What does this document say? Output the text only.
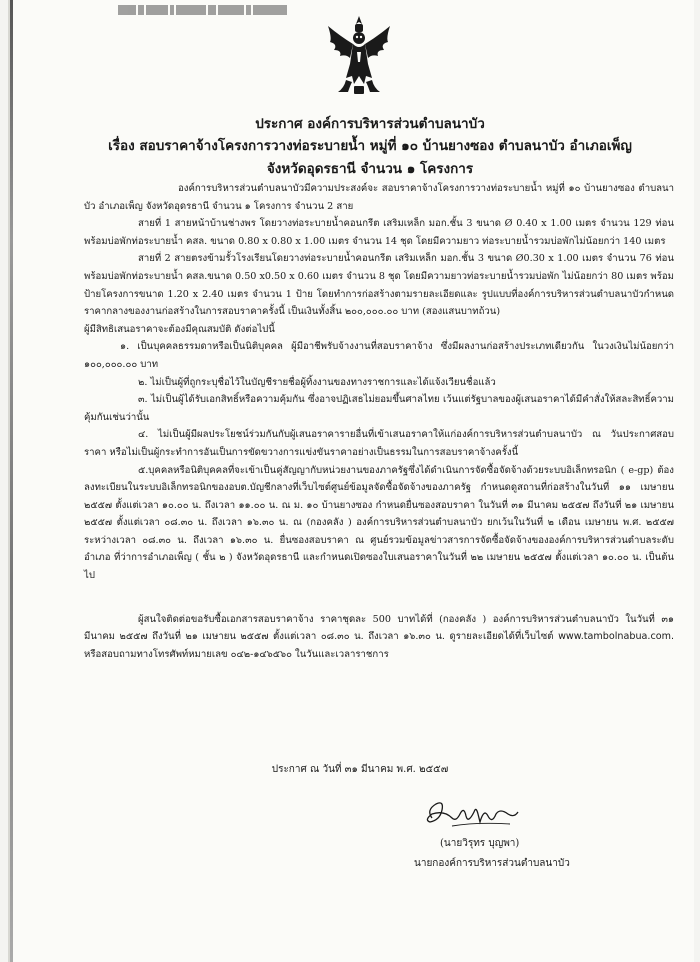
ประกาศ องค์การบริหารส่วนตำบลนาบัว

เรื่อง สอบราคาจ้างโครงการวางท่อระบายน้ำ หมู่ที่ ๑๐ บ้านยางซอง ตำบลนาบัว อำเภอเพ็ญ

จังหวัดอุดรธานี จำนวน ๑ โครงการ

องค์การบริหารส่วนตำบลนาบัวมีความประสงค์จะ สอบราคาจ้างโครงการวางท่อระบายน้ำ หมู่ที่ ๑๐ บ้านยางซอง ตำบลนาบัว อำเภอเพ็ญ จังหวัดอุดรธานี จำนวน ๑ โครงการ จำนวน 2 สาย

สายที่ 1 สายหน้าบ้านช่างพร โดยวางท่อระบายน้ำคอนกรีต เสริมเหล็ก มอก.ชั้น 3 ขนาด Ø 0.40 x 1.00 เมตร จำนวน 129 ท่อน พร้อมบ่อพักท่อระบายน้ำ คสล. ขนาด 0.80 x 0.80 x 1.00 เมตร จำนวน 14 ชุด โดยมีความยาว ท่อระบายน้ำรวมบ่อพักไม่น้อยกว่า 140 เมตร

สายที่ 2 สายตรงข้ามรั้วโรงเรียนโดยวางท่อระบายน้ำคอนกรีต เสริมเหล็ก มอก.ชั้น 3 ขนาด Ø0.30 x 1.00 เมตร จำนวน 76 ท่อน พร้อมบ่อพักท่อระบายน้ำ คสล.ขนาด 0.50 x0.50 x 0.60 เมตร จำนวน 8 ชุด โดยมีความยาวท่อระบายน้ำรวมบ่อพัก ไม่น้อยกว่า 80 เมตร พร้อมป้ายโครงการขนาด 1.20 x 2.40 เมตร จำนวน 1 ป้าย โดยทำการก่อสร้างตามรายละเอียดและ รูปแบบที่องค์การบริหารส่วนตำบลนาบัวกำหนด ราคากลางของงานก่อสร้างในการสอบราคาครั้งนี้ เป็นเงินทั้งสิ้น ๒๐๐,๐๐๐.๐๐ บาท (สองแสนบาทถ้วน)

ผู้มีสิทธิเสนอราคาจะต้องมีคุณสมบัติ ดังต่อไปนี้

๑. เป็นบุคคลธรรมดาหรือเป็นนิติบุคคล ผู้มีอาชีพรับจ้างงานที่สอบราคาจ้าง ซึ่งมีผลงานก่อสร้างประเภทเดียวกัน ในวงเงินไม่น้อยกว่า ๑๐๐,๐๐๐.๐๐ บาท

๒. ไม่เป็นผู้ที่ถูกระบุชื่อไว้ในบัญชีรายชื่อผู้ทิ้งงานของทางราชการและได้แจ้งเวียนชื่อแล้ว

๓. ไม่เป็นผู้ได้รับเอกสิทธิ์หรือความคุ้มกัน ซึ่งอาจปฏิเสธไม่ยอมขึ้นศาลไทย เว้นแต่รัฐบาลของผู้เสนอราคาได้มีคำสั่งให้สละสิทธิ์ความคุ้มกันเช่นว่านั้น

๔. ไม่เป็นผู้มีผลประโยชน์ร่วมกันกับผู้เสนอราคารายอื่นที่เข้าเสนอราคาให้แก่องค์การบริหารส่วนตำบลนาบัว ณ วันประกาศสอบราคา หรือไม่เป็นผู้กระทำการอันเป็นการขัดขวางการแข่งขันราคาอย่างเป็นธรรมในการสอบราคาจ้างครั้งนี้

๕.บุคคลหรือนิติบุคคลที่จะเข้าเป็นคู่สัญญากับหน่วยงานของภาครัฐซึ่งได้ดำเนินการจัดซื้อจัดจ้างด้วยระบบอิเล็กทรอนิก ( e-gp) ต้องลงทะเบียนในระบบอิเล็กทรอนิกของอบต.บัญชีกลางที่เว็บไซต์ศูนย์ข้อมูลจัดซื้อจัดจ้างของภาครัฐ กำหนดดูสถานที่ก่อสร้างในวันที่ ๑๑ เมษายน ๒๕๕๗ ตั้งแต่เวลา ๑๐.๐๐ น. ถึงเวลา ๑๑.๐๐ น. ณ ม. ๑๐ บ้านยางซอง กำหนดยื่นซองสอบราคา ในวันที่ ๓๑ มีนาคม ๒๕๕๗ ถึงวันที่ ๒๑ เมษายน ๒๕๕๗ ตั้งแต่เวลา ๐๘.๓๐ น. ถึงเวลา ๑๖.๓๐ น. ณ (กองคลัง ) องค์การบริหารส่วนตำบลนาบัว ยกเว้นในวันที่ ๒ เดือน เมษายน พ.ศ. ๒๕๕๗ ระหว่างเวลา ๐๘.๓๐ น. ถึงเวลา ๑๖.๓๐ น. ยื่นซองสอบราคา ณ ศูนย์รวมข้อมูลข่าวสารการจัดซื้อจัดจ้างขององค์การบริหารส่วนตำบลระดับอำเภอ ที่ว่าการอำเภอเพ็ญ ( ชั้น ๒ ) จังหวัดอุดรธานี และกำหนดเปิดซองใบเสนอราคาในวันที่ ๒๒ เมษายน ๒๕๕๗ ตั้งแต่เวลา ๑๐.๐๐ น. เป็นต้นไป

ผู้สนใจติดต่อขอรับซื้อเอกสารสอบราคาจ้าง ราคาชุดละ 500 บาทได้ที่ (กองคลัง ) องค์การบริหารส่วนตำบลนาบัว ในวันที่ ๓๑ มีนาคม ๒๕๕๗ ถึงวันที่ ๒๑ เมษายน ๒๕๕๗ ตั้งแต่เวลา ๐๘.๓๐ น. ถึงเวลา ๑๖.๓๐ น. ดูรายละเอียดได้ที่เว็บไซต์ www.tambolnabua.com. หรือสอบถามทางโทรศัพท์หมายเลข ๐๔๒-๑๔๖๕๖๐ ในวันและเวลาราชการ

ประกาศ ณ วันที่ ๓๑ มีนาคม พ.ศ. ๒๕๕๗

(นายวิรุทร บุญพา)

นายกองค์การบริหารส่วนตำบลนาบัว
